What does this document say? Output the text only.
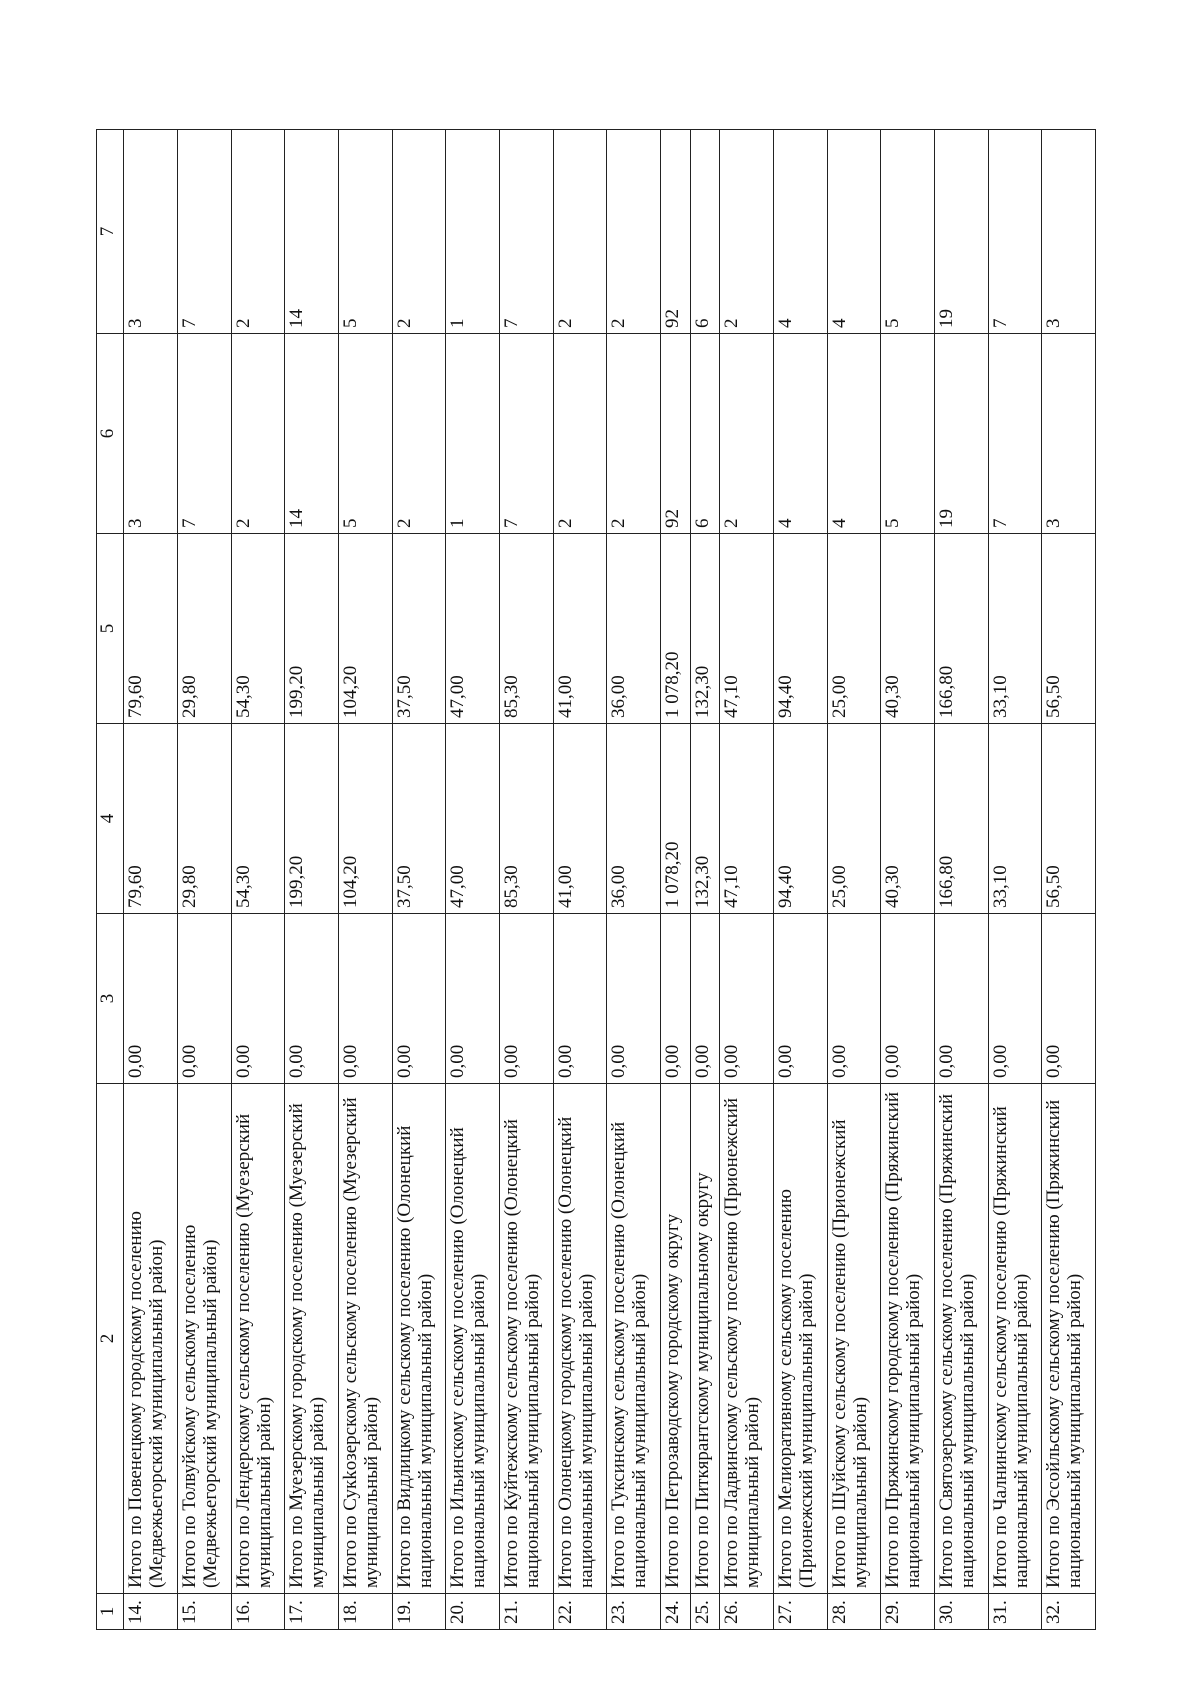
1	2	3	4	5	6	7
14.	Итого по Повенецкому городскому поселению (Медвежьегорский муниципальный район)	0,00	79,60	79,60	3	3
15.	Итого по Толвуйскому сельскому поселению (Медвежьегорский муниципальный район)	0,00	29,80	29,80	7	7
16.	Итого по Лендерскому сельскому поселению (Муезерский муниципальный район)	0,00	54,30	54,30	2	2
17.	Итого по Муезерскому городскому поселению (Муезерский муниципальный район)	0,00	199,20	199,20	14	14
18.	Итого по Сукkозерскому сельскому поселению (Муезерский муниципальный район)	0,00	104,20	104,20	5	5
19.	Итого по Видлицкому сельскому поселению (Олонецкий национальный муниципальный район)	0,00	37,50	37,50	2	2
20.	Итого по Ильинскому сельскому поселению (Олонецкий национальный муниципальный район)	0,00	47,00	47,00	1	1
21.	Итого по Куйтежскому сельскому поселению (Олонецкий национальный муниципальный район)	0,00	85,30	85,30	7	7
22.	Итого по Олонецкому городскому поселению (Олонецкий национальный муниципальный район)	0,00	41,00	41,00	2	2
23.	Итого по Туксинскому сельскому поселению (Олонецкий национальный муниципальный район)	0,00	36,00	36,00	2	2
24.	Итого по Петрозаводскому городскому округу	0,00	1 078,20	1 078,20	92	92
25.	Итого по Питкярантскому муниципальному округу	0,00	132,30	132,30	6	6
26.	Итого по Ладвинскому сельскому поселению (Прионежский муниципальный район)	0,00	47,10	47,10	2	2
27.	Итого по Мелиоративному сельскому поселению (Прионежский муниципальный район)	0,00	94,40	94,40	4	4
28.	Итого по Шуйскому сельскому поселению (Прионежский муниципальный район)	0,00	25,00	25,00	4	4
29.	Итого по Пряжинскому городскому поселению (Пряжинский национальный муниципальный район)	0,00	40,30	40,30	5	5
30.	Итого по Святозерскому сельскому поселению (Пряжинский национальный муниципальный район)	0,00	166,80	166,80	19	19
31.	Итого по Чалнинскому сельскому поселению (Пряжинский национальный муниципальный район)	0,00	33,10	33,10	7	7
32.	Итого по Эссойльскому сельскому поселению (Пряжинский национальный муниципальный район)	0,00	56,50	56,50	3	3
